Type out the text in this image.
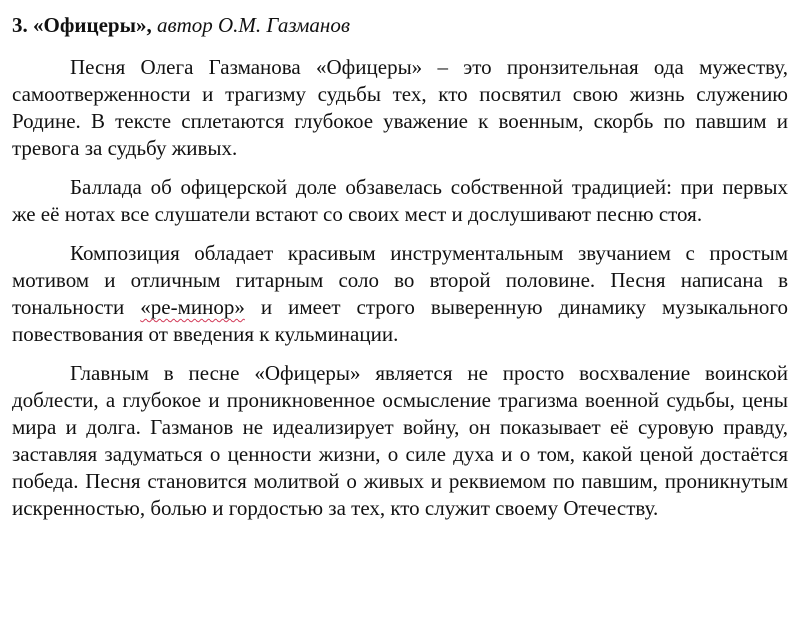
3. «Офицеры», автор О.М. Газманов

Песня Олега Газманова «Офицеры» – это пронзительная ода мужеству, самоотверженности и трагизму судьбы тех, кто посвятил свою жизнь служению Родине. В тексте сплетаются глубокое уважение к военным, скорбь по павшим и тревога за судьбу живых.

Баллада об офицерской доле обзавелась собственной традицией: при первых же её нотах все слушатели встают со своих мест и дослушивают песню стоя.

Композиция обладает красивым инструментальным звучанием с простым мотивом и отличным гитарным соло во второй половине. Песня написана в тональности «ре-минор» и имеет строго выверенную динамику музыкального повествования от введения к кульминации.

Главным в песне «Офицеры» является не просто восхваление воинской доблести, а глубокое и проникновенное осмысление трагизма военной судьбы, цены мира и долга. Газманов не идеализирует войну, он показывает её суровую правду, заставляя задуматься о ценности жизни, о силе духа и о том, какой ценой достаётся победа. Песня становится молитвой о живых и реквиемом по павшим, проникнутым искренностью, болью и гордостью за тех, кто служит своему Отечеству.
